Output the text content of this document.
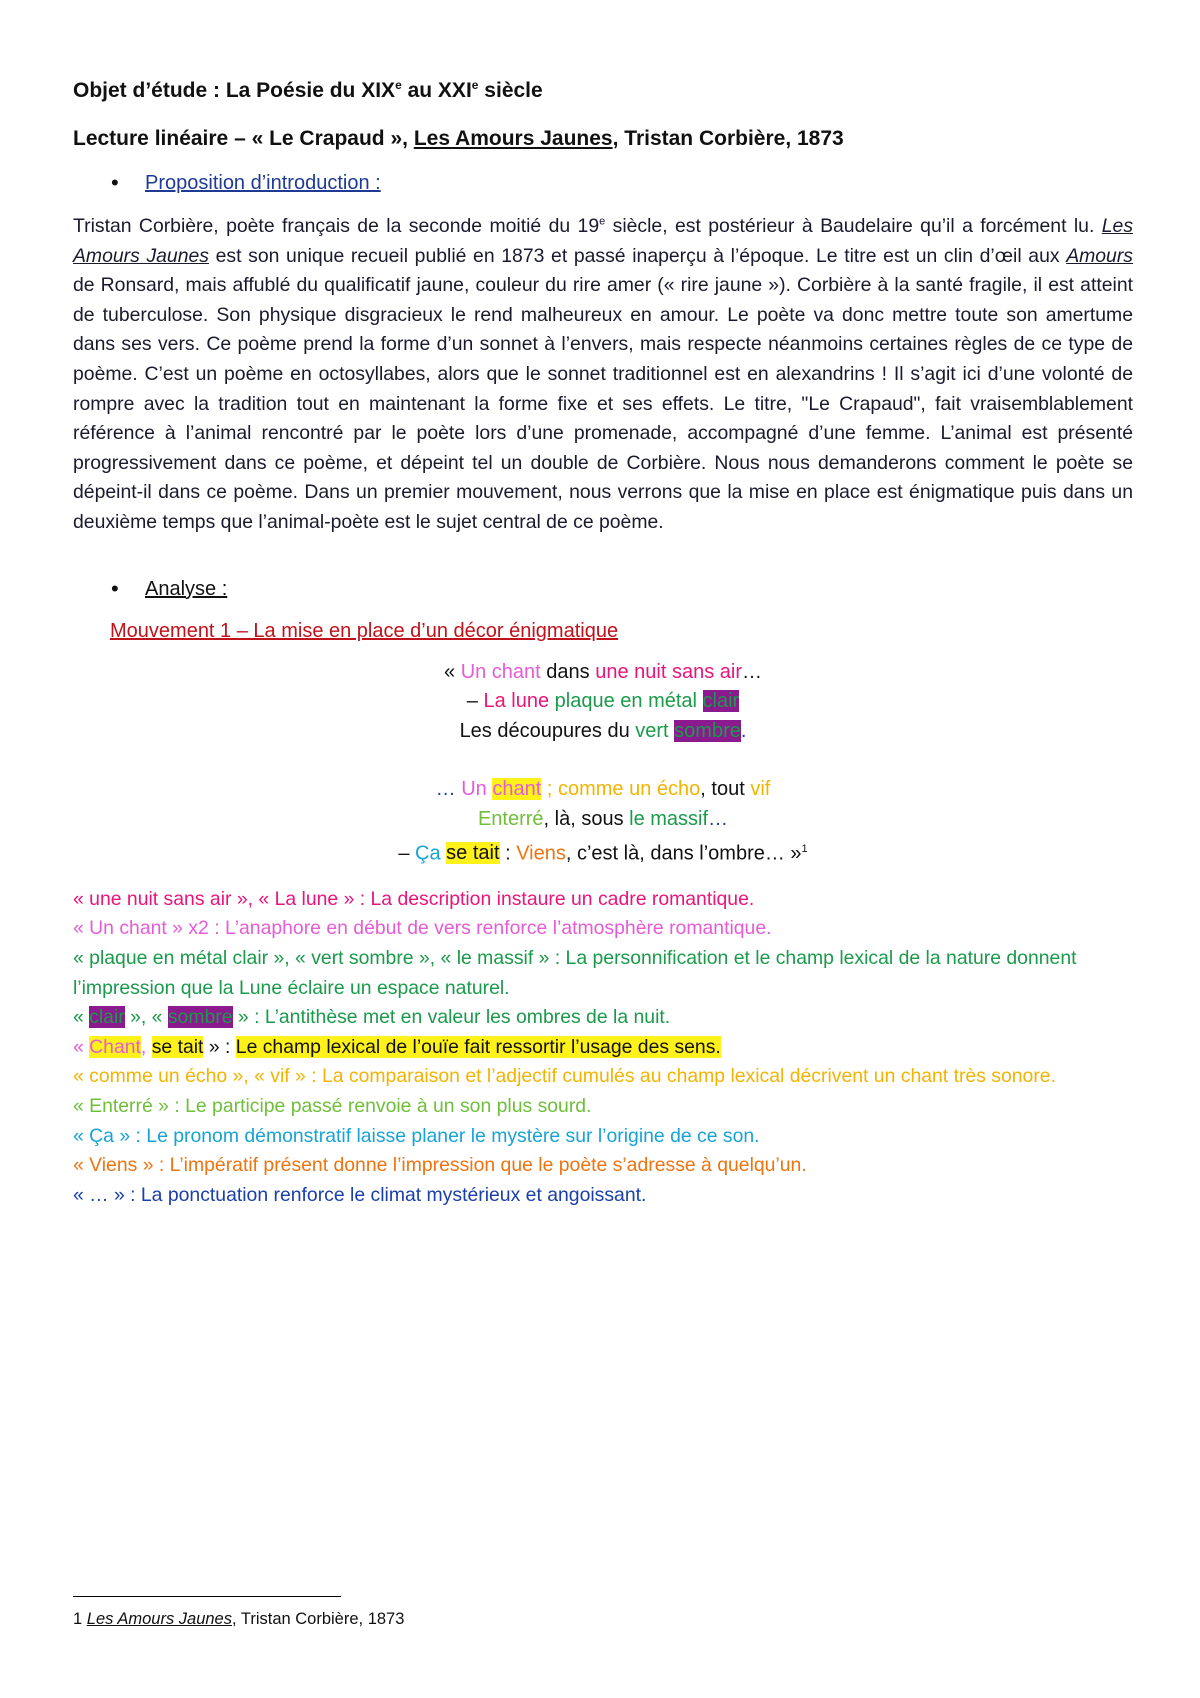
Objet d’étude : La Poésie du XIXe au XXIe siècle

Lecture linéaire – « Le Crapaud », Les Amours Jaunes, Tristan Corbière, 1873

• Proposition d’introduction :

Tristan Corbière, poète français de la seconde moitié du 19e siècle, est postérieur à Baudelaire qu’il a forcément lu. Les Amours Jaunes est son unique recueil publié en 1873 et passé inaperçu à l’époque. Le titre est un clin d’œil aux Amours de Ronsard, mais affublé du qualificatif jaune, couleur du rire amer (« rire jaune »). Corbière à la santé fragile, il est atteint de tuberculose. Son physique disgracieux le rend malheureux en amour. Le poète va donc mettre toute son amertume dans ses vers. Ce poème prend la forme d’un sonnet à l’envers, mais respecte néanmoins certaines règles de ce type de poème. C’est un poème en octosyllabes, alors que le sonnet traditionnel est en alexandrins ! Il s’agit ici d’une volonté de rompre avec la tradition tout en maintenant la forme fixe et ses effets. Le titre, "Le Crapaud", fait vraisemblablement référence à l’animal rencontré par le poète lors d’une promenade, accompagné d’une femme. L’animal est présenté progressivement dans ce poème, et dépeint tel un double de Corbière. Nous nous demanderons comment le poète se dépeint-il dans ce poème. Dans un premier mouvement, nous verrons que la mise en place est énigmatique puis dans un deuxième temps que l’animal-poète est le sujet central de ce poème.

• Analyse :
Mouvement 1 – La mise en place d’un décor énigmatique
« Un chant dans une nuit sans air…
– La lune plaque en métal clair
Les découpures du vert sombre.
… Un chant ; comme un écho, tout vif
Enterré, là, sous le massif…
– Ça se tait : Viens, c’est là, dans l’ombre… »$^1$
« une nuit sans air », « La lune » : La description instaure un cadre romantique.
« Un chant » x2 : L’anaphore en début de vers renforce l’atmosphère romantique.
« plaque en métal clair », « vert sombre », « le massif » : La personnification et le champ lexical de la nature donnent l’impression que la Lune éclaire un espace naturel.
« clair », « sombre » : L’antithèse met en valeur les ombres de la nuit.
« Chant, se tait » : Le champ lexical de l’ouïe fait ressortir l’usage des sens.
« comme un écho », « vif » : La comparaison et l’adjectif cumulés au champ lexical décrivent un chant très sonore.
« Enterré » : Le participe passé renvoie à un son plus sourd.
« Ça » : Le pronom démonstratif laisse planer le mystère sur l’origine de ce son.
« Viens » : L’impératif présent donne l’impression que le poète s’adresse à quelqu’un.
« … » : La ponctuation renforce le climat mystérieux et angoissant.
1 Les Amours Jaunes, Tristan Corbière, 1873
